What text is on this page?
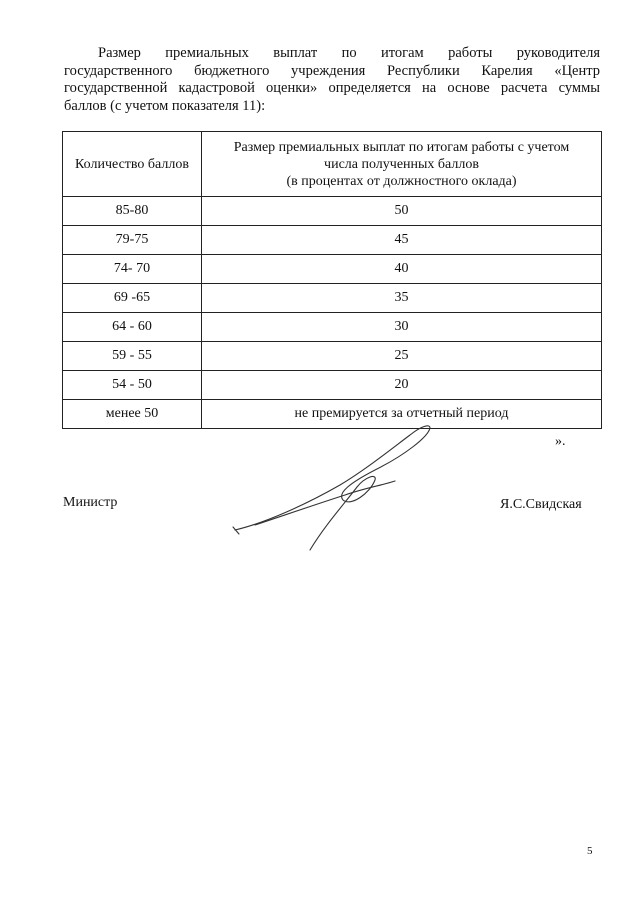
Размер премиальных выплат по итогам работы руководителя
государственного бюджетного учреждения Республики Карелия «Центр
государственной кадастровой оценки» определяется на основе расчета суммы
баллов (с учетом показателя 11):
Количество баллов	Размер премиальных выплат по итогам работы с учетом
числа полученных баллов
(в процентах от должностного оклада)

85-80	50
79-75	45
74- 70	40
69 -65	35
64 - 60	30
59 - 55	25
54 - 50	20
менее 50	не премируется за отчетный период
».
Министр	Я.С.Свидская
5
